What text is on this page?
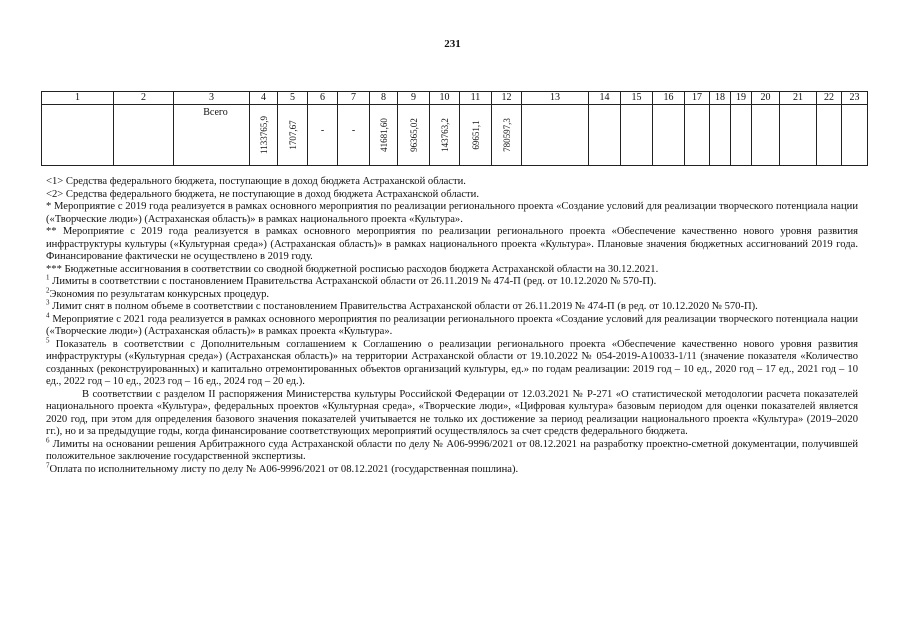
231
1	2	3	4	5	6	7	8	9	10	11	12	13	14	15	16	17	18	19	20	21	22	23

		Всего	1133765,9	1707,67	-	-	41681,60	96365,02	143763,2	69651,1	780597,3											

<1> Средства федерального бюджета, поступающие в доход бюджета Астраханской области.

<2> Средства федерального бюджета, не поступающие в доход бюджета Астраханской области.

* Мероприятие с 2019 года реализуется в рамках основного мероприятия по реализации регионального проекта «Создание условий для реализации творческого потенциала нации («Творческие люди») (Астраханская область)» в рамках национального проекта «Культура».

** Мероприятие с 2019 года реализуется в рамках основного мероприятия по реализации регионального проекта «Обеспечение качественно нового уровня развития инфраструктуры культуры («Культурная среда») (Астраханская область)» в рамках национального проекта «Культура». Плановые значения бюджетных ассигнований 2019 года. Финансирование фактически не осуществлено в 2019 году.

*** Бюджетные ассигнования в соответствии со сводной бюджетной росписью расходов бюджета Астраханской области на 30.12.2021.

$^1$ Лимиты в соответствии с постановлением Правительства Астраханской области от 26.11.2019 № 474-П (ред. от 10.12.2020 № 570-П).

$^2$Экономия по результатам конкурсных процедур.

$^3$ Лимит снят в полном объеме в соответствии с постановлением Правительства Астраханской области от 26.11.2019 № 474-П (в ред. от 10.12.2020 № 570-П).

$^4$ Мероприятие с 2021 года реализуется в рамках основного мероприятия по реализации регионального проекта «Создание условий для реализации творческого потенциала нации («Творческие люди») (Астраханская область)» в рамках проекта «Культура».

$^5$ Показатель в соответствии с Дополнительным соглашением к Соглашению о реализации регионального проекта «Обеспечение качественно нового уровня развития инфраструктуры («Культурная среда») (Астраханская область)» на территории Астраханской области от 19.10.2022 № 054-2019-А10033-1/11 (значение показателя «Количество созданных (реконструированных) и капитально отремонтированных объектов организаций культуры, ед.» по годам реализации: 2019 год – 10 ед., 2020 год – 17 ед., 2021 год – 10 ед., 2022 год – 10 ед., 2023 год – 16 ед., 2024 год – 20 ед.).

В соответствии с разделом II распоряжения Министерства культуры Российской Федерации от 12.03.2021 № Р-271 «О статистической методологии расчета показателей национального проекта «Культура», федеральных проектов «Культурная среда», «Творческие люди», «Цифровая культура» базовым периодом для оценки показателей является 2020 год, при этом для определения базового значения показателей учитывается не только их достижение за период реализации национального проекта «Культура» (2019–2020 гг.), но и за предыдущие годы, когда финансирование соответствующих мероприятий осуществлялось за счет средств федерального бюджета.

$^6$ Лимиты на основании решения Арбитражного суда Астраханской области по делу № А06-9996/2021 от 08.12.2021 на разработку проектно-сметной документации, получившей положительное заключение государственной экспертизы.

$^7$Оплата по исполнительному листу по делу № А06-9996/2021 от 08.12.2021 (государственная пошлина).
